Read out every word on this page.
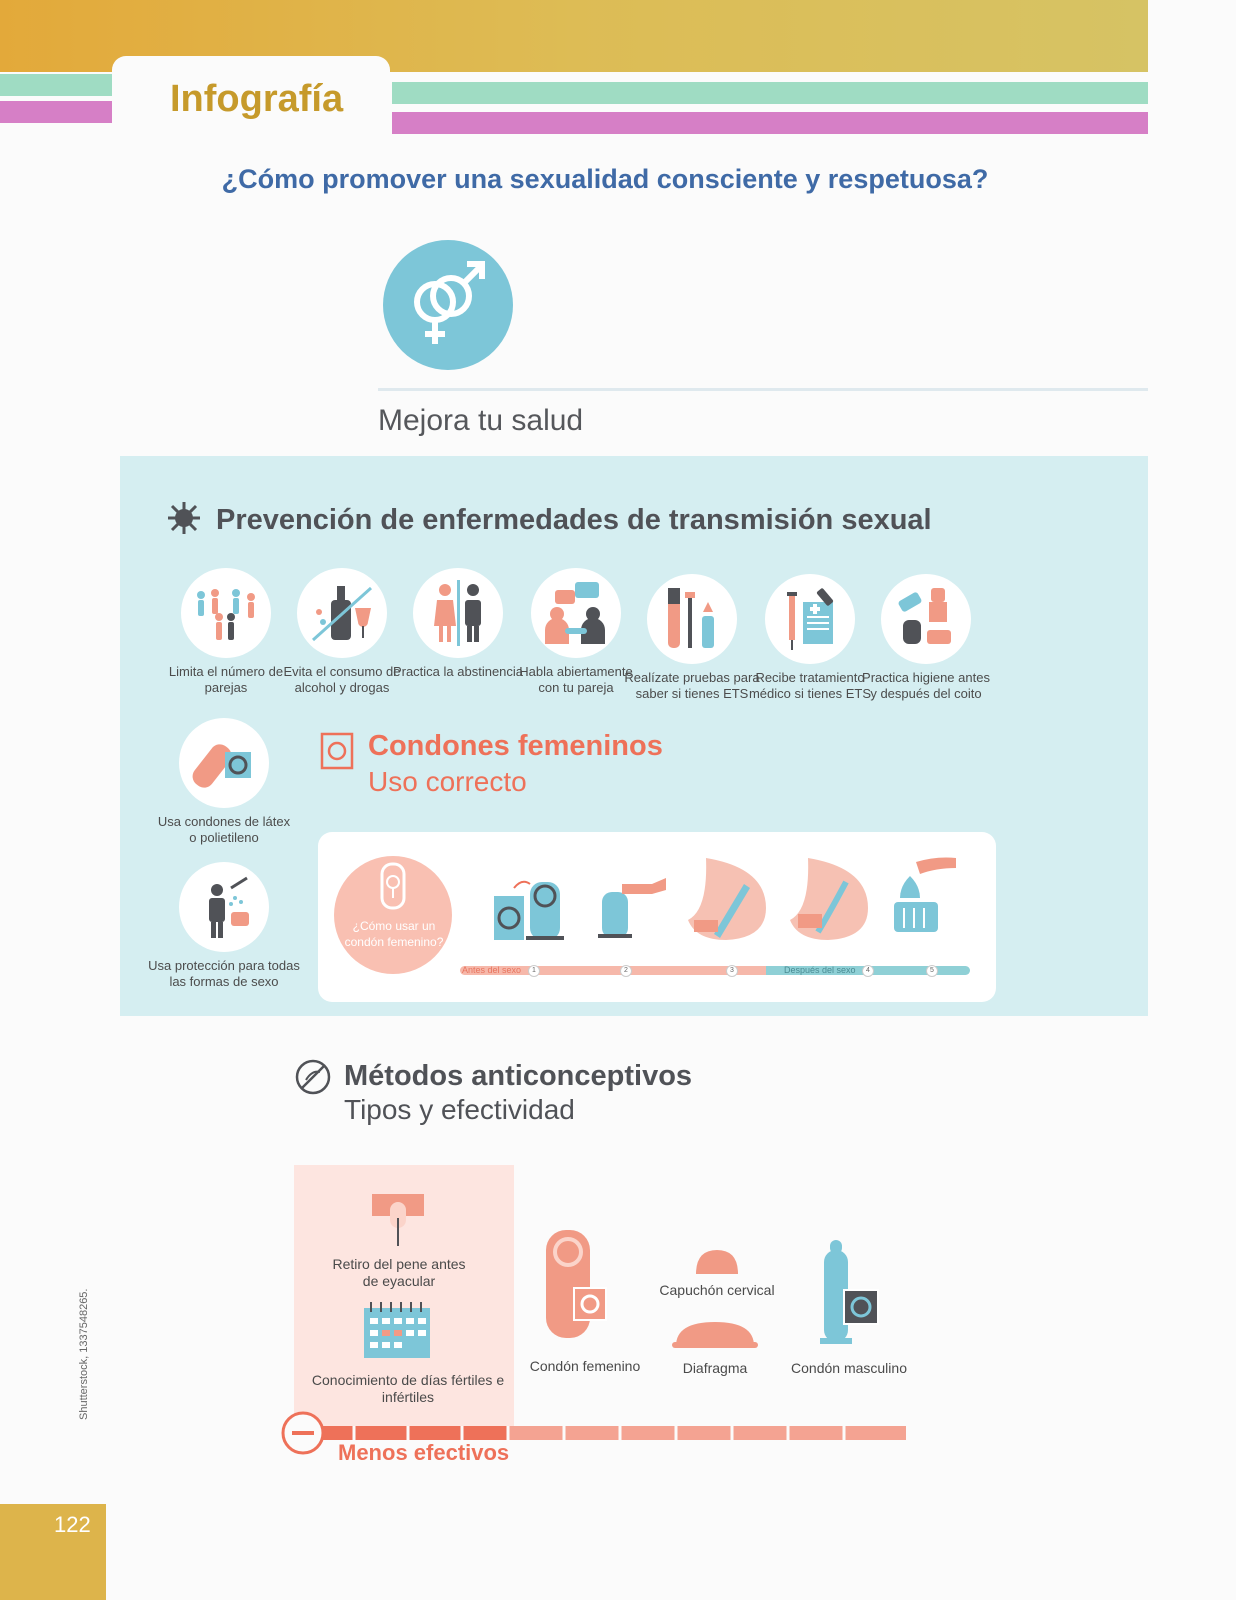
Infografía
¿Cómo promover una sexualidad consciente y respetuosa?
Mejora tu salud
Prevención de enfermedades de transmisión sexual
Limita el número de parejas
Evita el consumo de alcohol y drogas
Practica la abstinencia
Habla abiertamente con tu pareja
Realízate pruebas para saber si tienes ETS
Recibe tratamiento médico si tienes ETS
Practica higiene antes y después del coito
Usa condones de látex o polietileno
Usa protección para todas las formas de sexo
Condones femeninos
Uso correcto
¿Cómo usar un condón femenino?
Antes del sexo	Después del sexo
1	2	3	4	5
Métodos anticonceptivos
Tipos y efectividad
Retiro del pene antes de eyacular
Conocimiento de días fértiles e infértiles
Condón femenino
Capuchón cervical
Diafragma	Condón masculino
Menos efectivos
122
Shutterstock, 1337548265.
